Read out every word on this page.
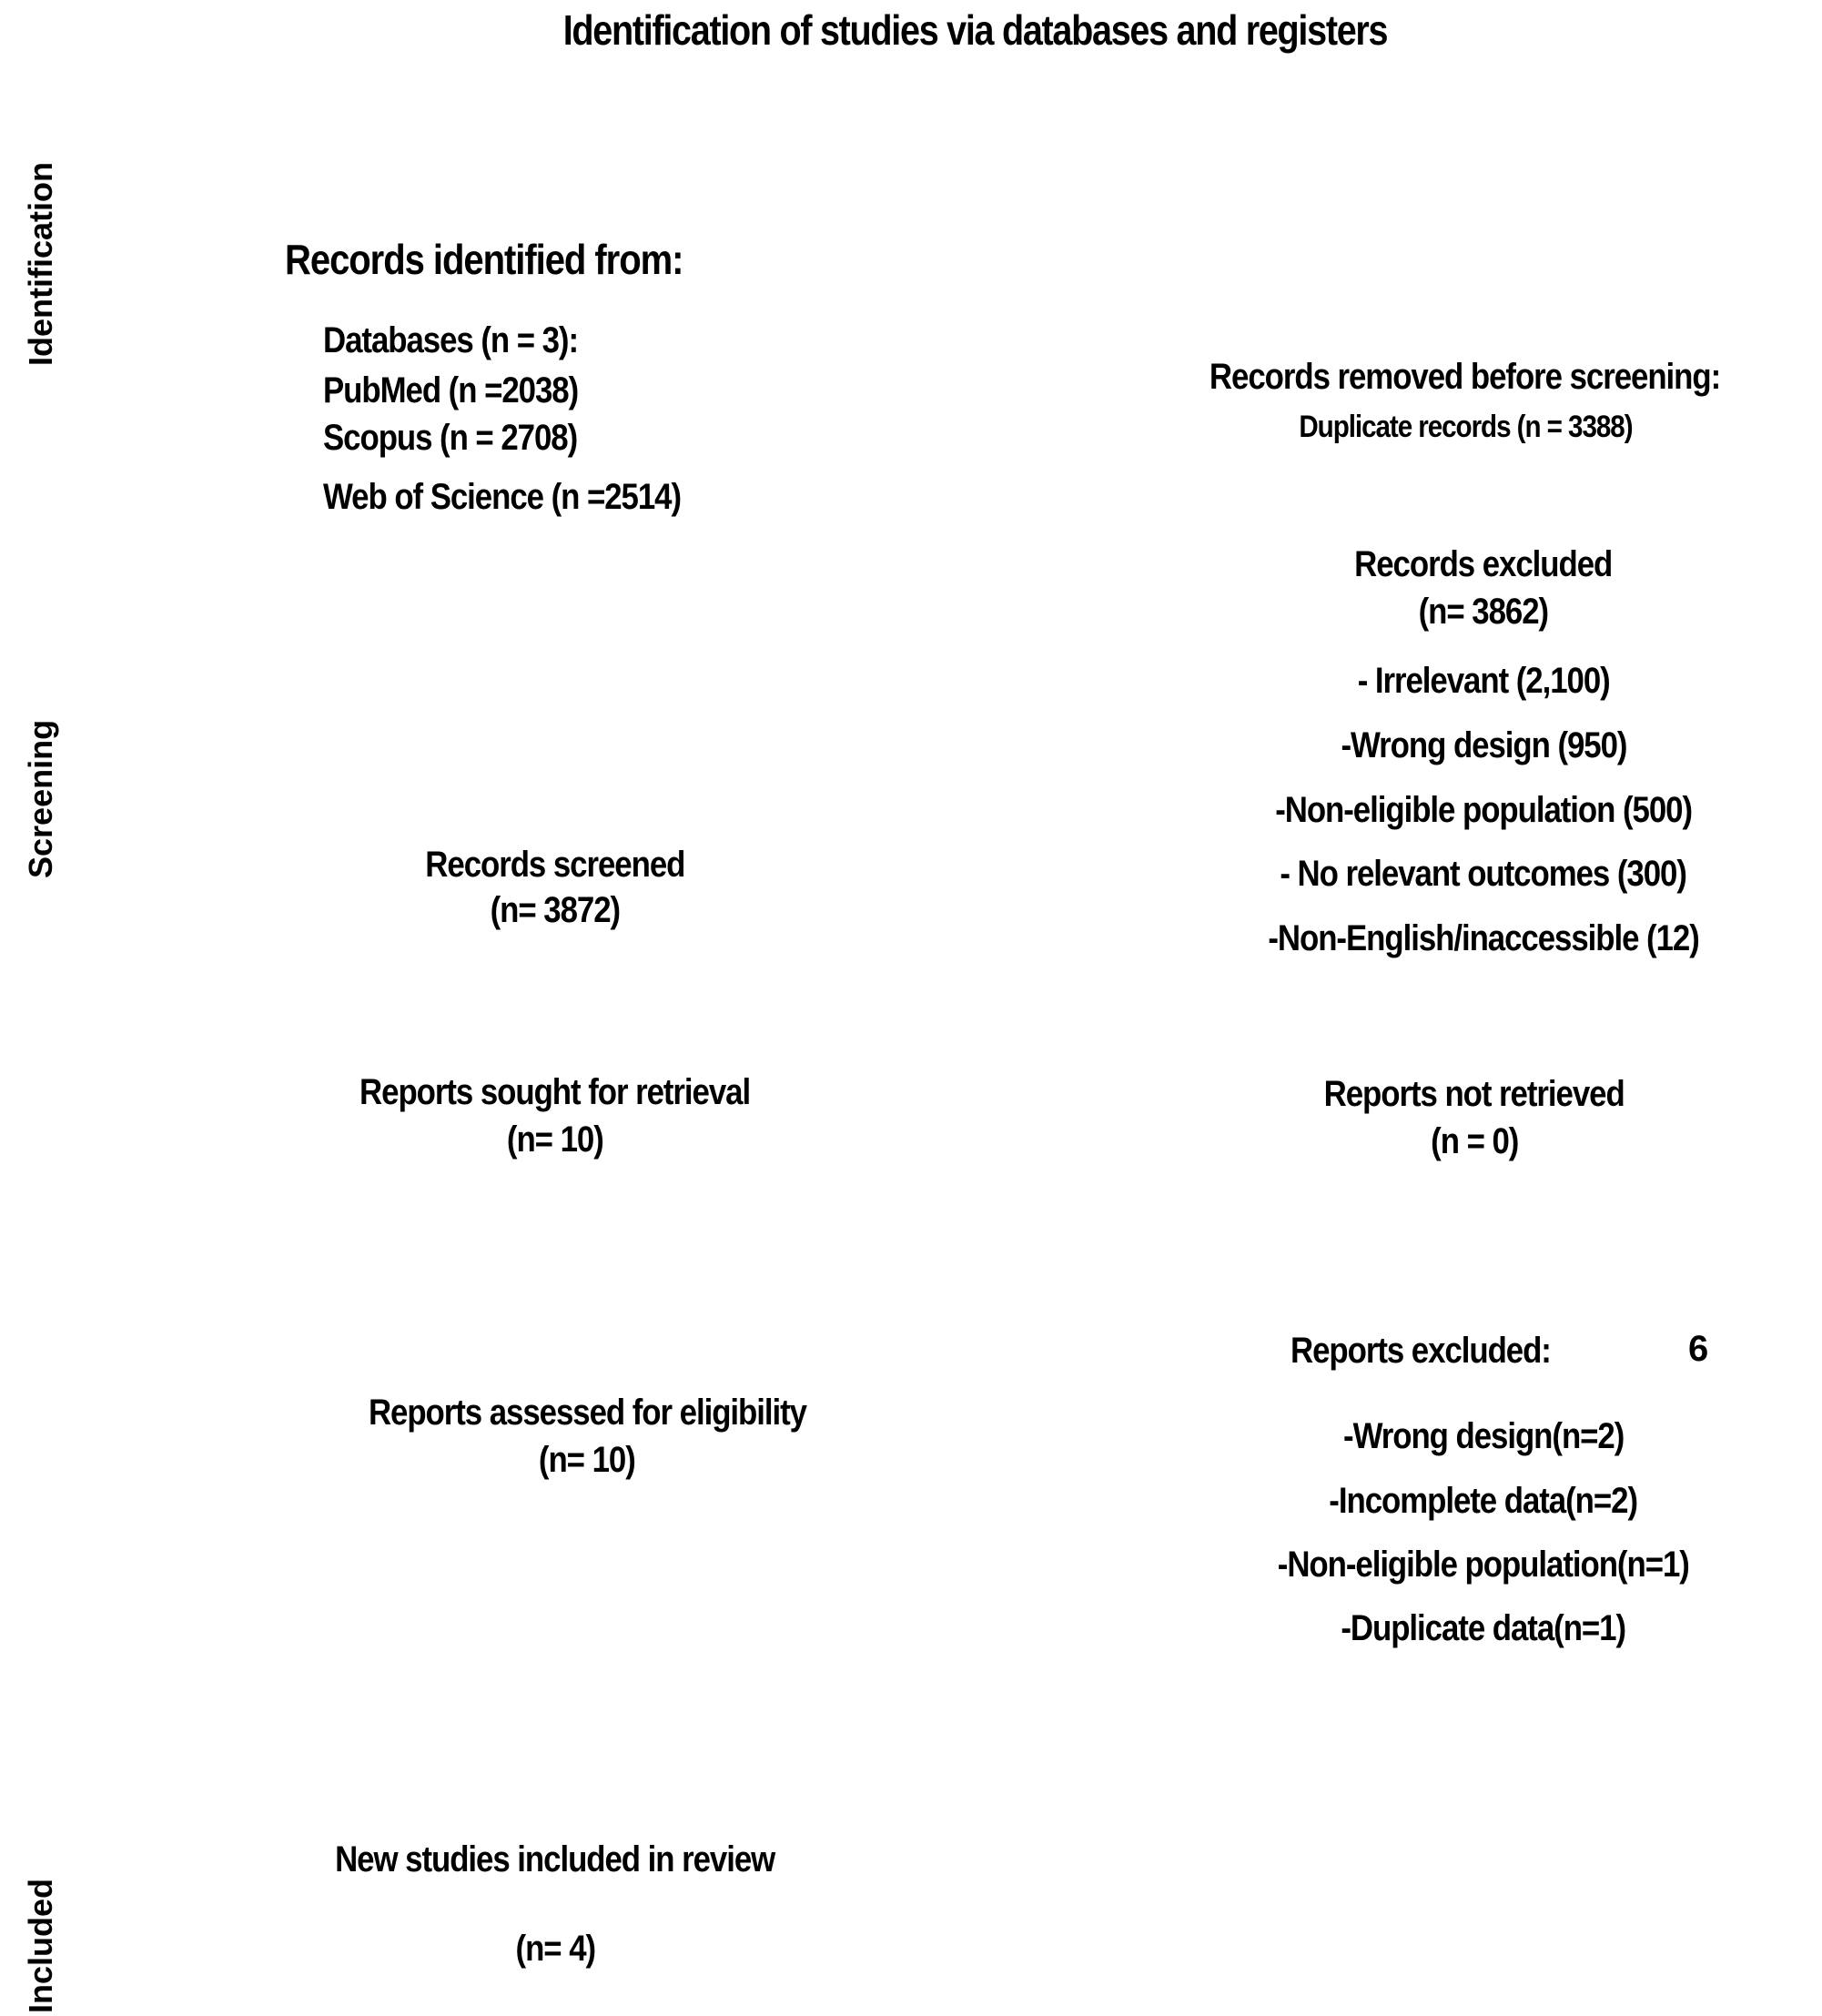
Identification of studies via databases and registers
Identification
Screening
Included
Records identified from:
Databases (n = 3):
PubMed (n =2038)
Scopus (n = 2708)
Web of Science (n =2514)
Records removed before screening:
Duplicate records (n = 3388)
Records excluded
(n= 3862)
- Irrelevant (2,100)
-Wrong design (950)
-Non-eligible population (500)
- No relevant outcomes (300)
-Non-English/inaccessible (12)
Records screened
(n= 3872)
Reports sought for retrieval
(n= 10)
Reports not retrieved
(n = 0)
Reports assessed for eligibility
(n= 10)
Reports excluded:	6
-Wrong design(n=2)
-Incomplete data(n=2)
-Non-eligible population(n=1)
-Duplicate data(n=1)
New studies included in review
(n= 4)
